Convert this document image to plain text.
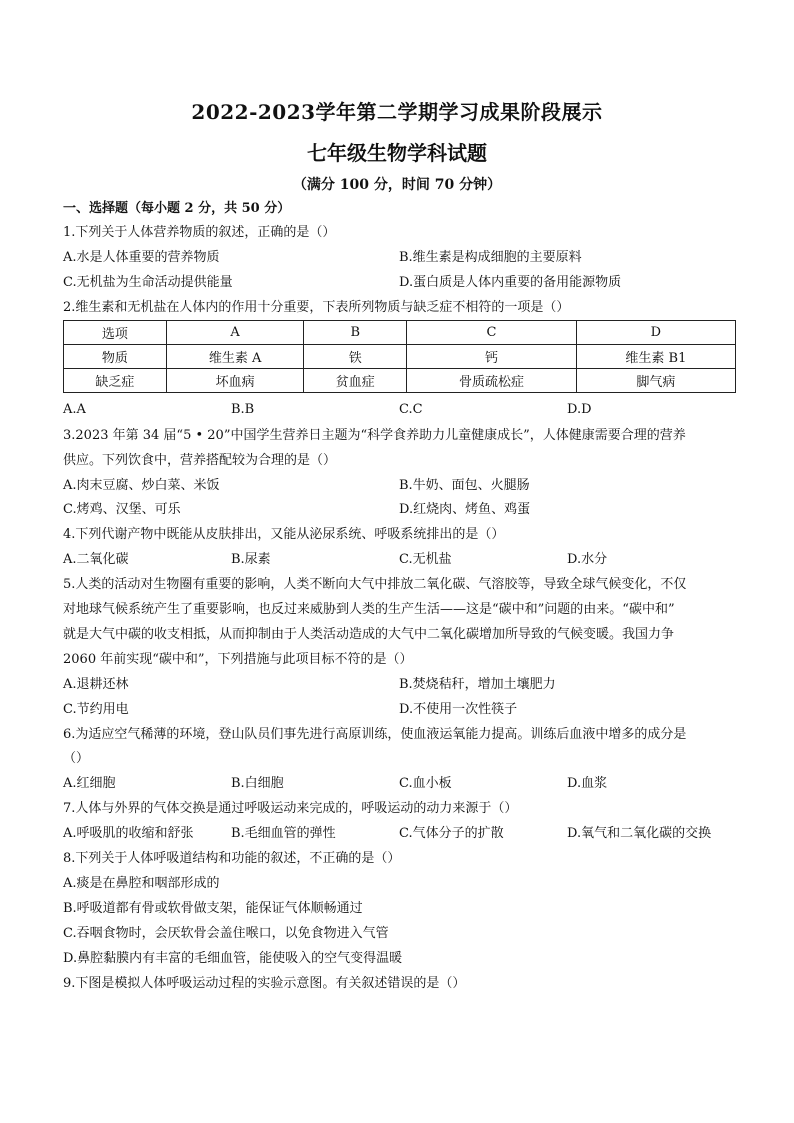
2022-2023学年第二学期学习成果阶段展示
七年级生物学科试题
（满分 100 分，时间 70 分钟）
一、选择题（每小题 2 分，共 50 分）
1.下列关于人体营养物质的叙述，正确的是（）
A.水是人体重要的营养物质	B.维生素是构成细胞的主要原料
C.无机盐为生命活动提供能量	D.蛋白质是人体内重要的备用能源物质
2.维生素和无机盐在人体内的作用十分重要，下表所列物质与缺乏症不相符的一项是（）
选项	A	B	C	D
物质	维生素 A	铁	钙	维生素 B1
缺乏症	坏血病	贫血症	骨质疏松症	脚气病
A.A	B.B	C.C	D.D
3.2023 年第 34 届“5 • 20”中国学生营养日主题为“科学食养助力儿童健康成长”，人体健康需要合理的营养
供应。下列饮食中，营养搭配较为合理的是（）
A.肉末豆腐、炒白菜、米饭	B.牛奶、面包、火腿肠
C.烤鸡、汉堡、可乐	D.红烧肉、烤鱼、鸡蛋
4.下列代谢产物中既能从皮肤排出，又能从泌尿系统、呼吸系统排出的是（）
A.二氧化碳	B.尿素	C.无机盐	D.水分
5.人类的活动对生物圈有重要的影响，人类不断向大气中排放二氧化碳、气溶胶等，导致全球气候变化，不仅
对地球气候系统产生了重要影响，也反过来威胁到人类的生产生活——这是“碳中和”问题的由来。“碳中和”
就是大气中碳的收支相抵，从而抑制由于人类活动造成的大气中二氧化碳增加所导致的气候变暖。我国力争
2060 年前实现“碳中和”，下列措施与此项目标不符的是（）
A.退耕还林	B.焚烧秸秆，增加土壤肥力
C.节约用电	D.不使用一次性筷子
6.为适应空气稀薄的环境，登山队员们事先进行高原训练，使血液运氧能力提高。训练后血液中增多的成分是
（）
A.红细胞	B.白细胞	C.血小板	D.血浆
7.人体与外界的气体交换是通过呼吸运动来完成的，呼吸运动的动力来源于（）
A.呼吸肌的收缩和舒张	B.毛细血管的弹性	C.气体分子的扩散	D.氧气和二氧化碳的交换
8.下列关于人体呼吸道结构和功能的叙述，不正确的是（）
A.痰是在鼻腔和咽部形成的
B.呼吸道都有骨或软骨做支架，能保证气体顺畅通过
C.吞咽食物时，会厌软骨会盖住喉口，以免食物进入气管
D.鼻腔黏膜内有丰富的毛细血管，能使吸入的空气变得温暖
9.下图是模拟人体呼吸运动过程的实验示意图。有关叙述错误的是（）
